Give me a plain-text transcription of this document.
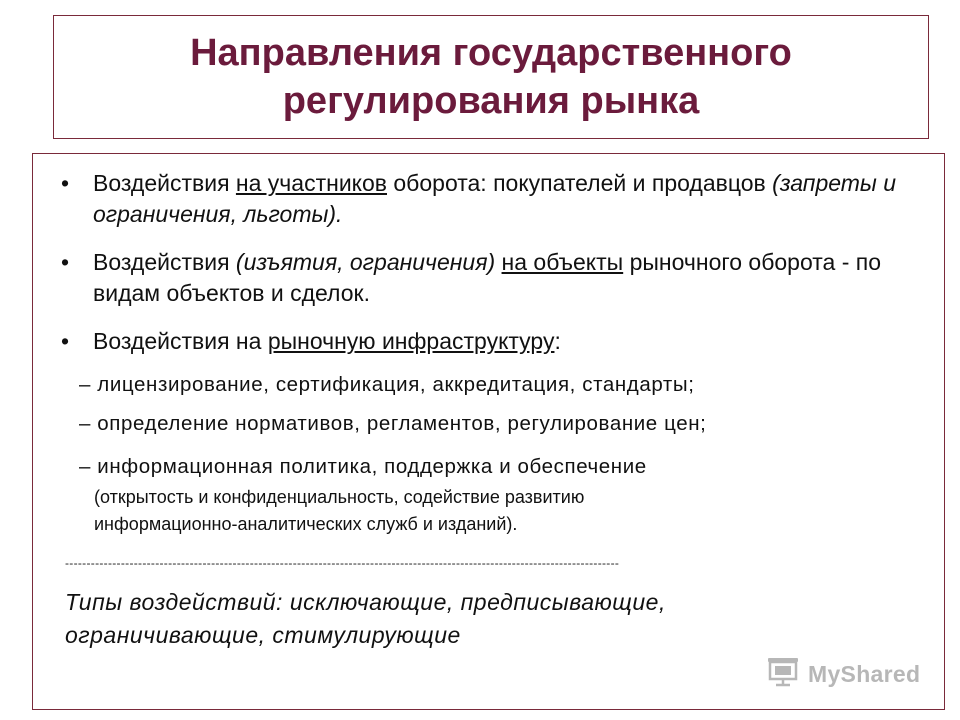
Направления государственного
регулирования рынка
• Воздействия на участников оборота: покупателей и продавцов (запреты и ограничения, льготы).
• Воздействия (изъятия, ограничения) на объекты рыночного оборота - по видам объектов и сделок.
• Воздействия на рыночную инфраструктуру:
– лицензирование, сертификация, аккредитация, стандарты;
– определение нормативов, регламентов, регулирование цен;
– информационная политика, поддержка и обеспечение
(открытость и конфиденциальность, содействие развитию
информационно-аналитических служб и изданий).
---------------------------------------------------------------------------------------------------------------------------------
Типы воздействий: исключающие, предписывающие,
ограничивающие, стимулирующие
MyShared
